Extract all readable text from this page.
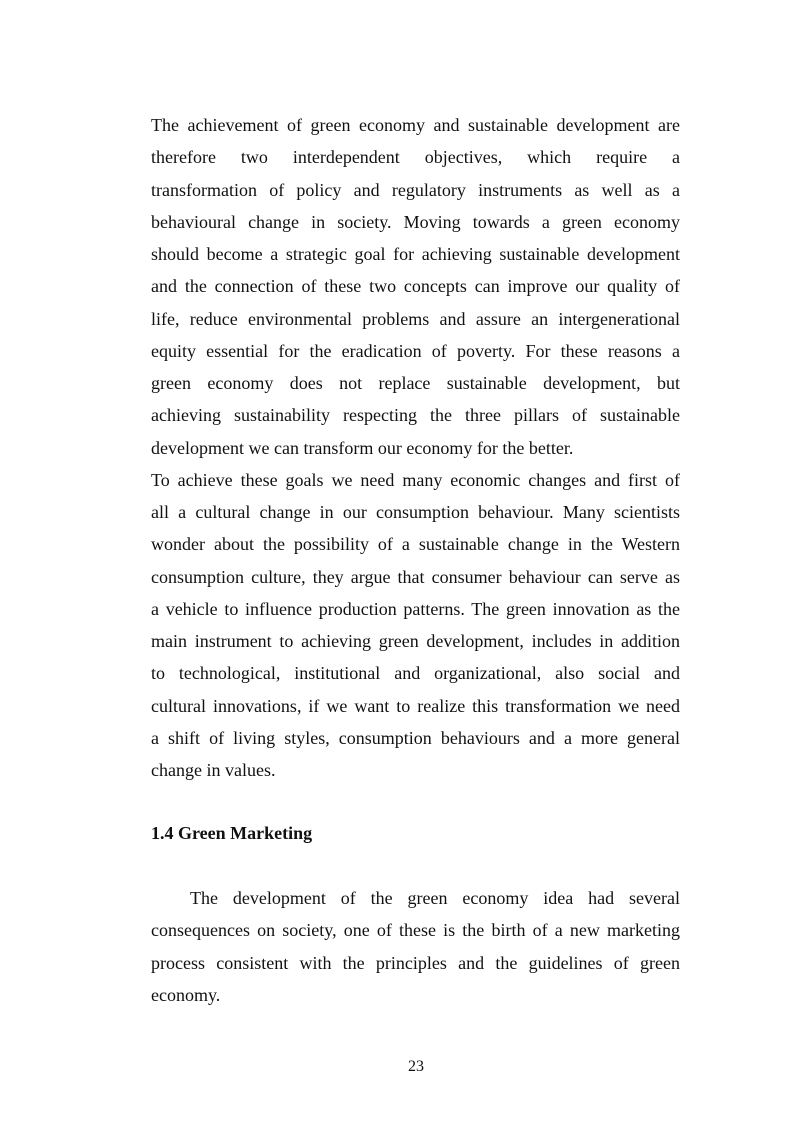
The achievement of green economy and sustainable development are
therefore two interdependent objectives, which require a
transformation of policy and regulatory instruments as well as a
behavioural change in society. Moving towards a green economy
should become a strategic goal for achieving sustainable development
and the connection of these two concepts can improve our quality of
life, reduce environmental problems and assure an intergenerational
equity essential for the eradication of poverty. For these reasons a
green economy does not replace sustainable development, but
achieving sustainability respecting the three pillars of sustainable
development we can transform our economy for the better.
To achieve these goals we need many economic changes and first of
all a cultural change in our consumption behaviour. Many scientists
wonder about the possibility of a sustainable change in the Western
consumption culture, they argue that consumer behaviour can serve as
a vehicle to influence production patterns. The green innovation as the
main instrument to achieving green development, includes in addition
to technological, institutional and organizational, also social and
cultural innovations, if we want to realize this transformation we need
a shift of living styles, consumption behaviours and a more general
change in values.
1.4 Green Marketing
The development of the green economy idea had several
consequences on society, one of these is the birth of a new marketing
process consistent with the principles and the guidelines of green
economy.
23
